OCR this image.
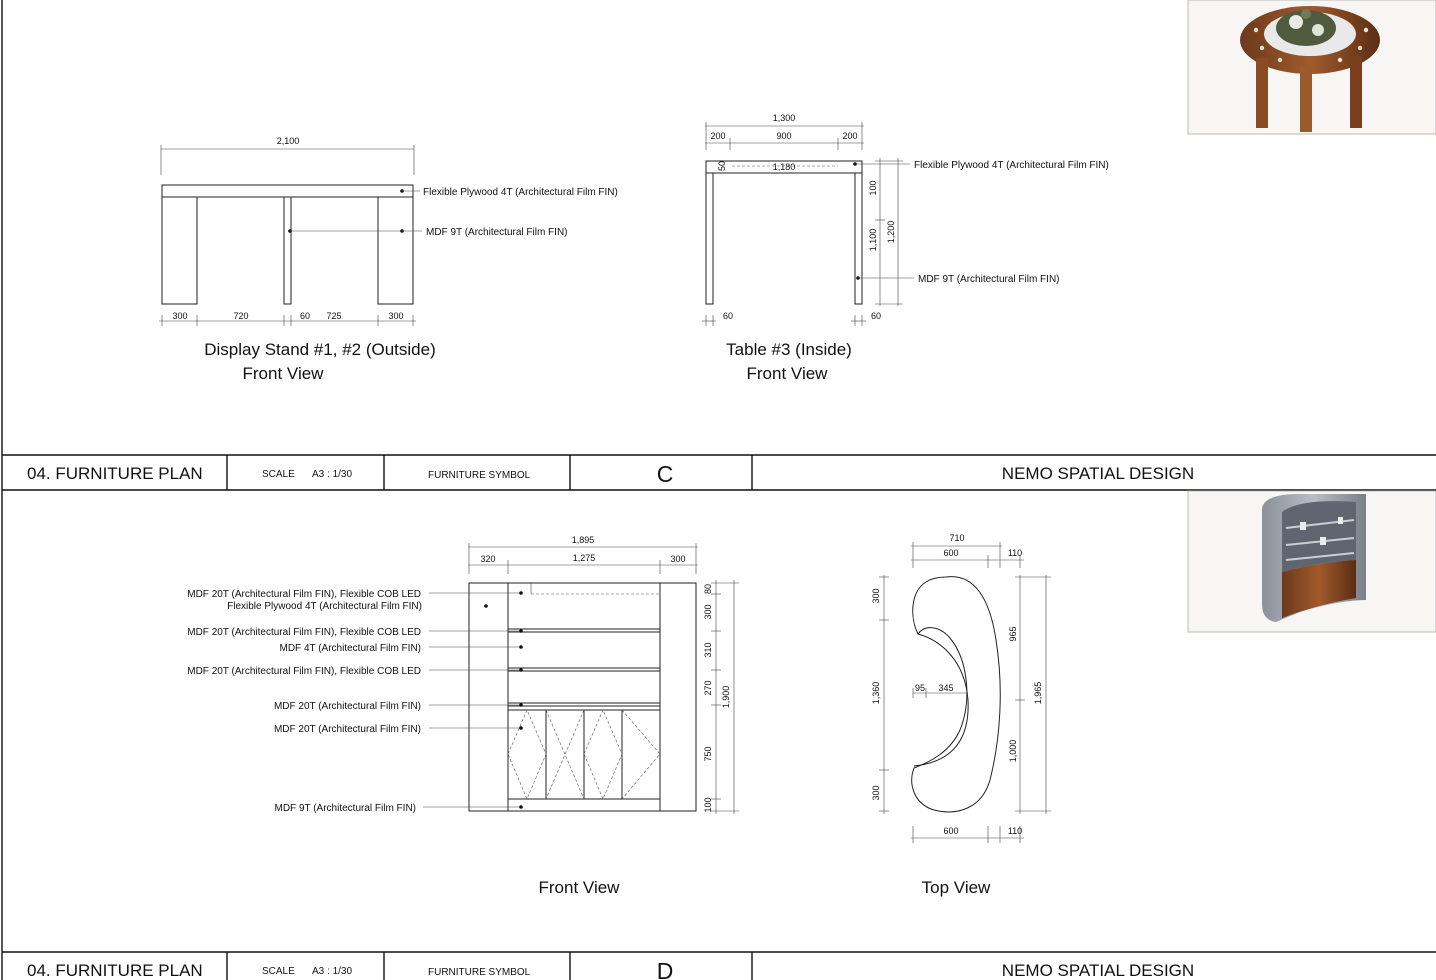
2,100
300	720	60 725	300
Flexible Plywood 4T (Architectural Film FIN)
MDF 9T (Architectural Film FIN)
Display Stand #1, #2 (Outside)
Front View
1,300
200	900	200
1,180
50
100
1,100 1,200
60	60
Flexible Plywood 4T (Architectural Film FIN)
MDF 9T (Architectural Film FIN)
Table #3 (Inside)
Front View
04. FURNITURE PLAN	SCALE A3 : 1/30	FURNITURE SYMBOL	C	NEMO SPATIAL DESIGN
1,895
320	1,275	300
80
300
310
270
750
100
1,900
MDF 20T (Architectural Film FIN), Flexible COB LED
Flexible Plywood 4T (Architectural Film FIN)
MDF 20T (Architectural Film FIN), Flexible COB LED
MDF 4T (Architectural Film FIN)
MDF 20T (Architectural Film FIN), Flexible COB LED
MDF 20T (Architectural Film FIN)
MDF 20T (Architectural Film FIN)
MDF 9T (Architectural Film FIN)
Front View
710
600	110
300
1,360
300
95 345
965
1,000
1,965
600	110
Top View
04. FURNITURE PLAN	SCALE A3 : 1/30	FURNITURE SYMBOL	D	NEMO SPATIAL DESIGN
